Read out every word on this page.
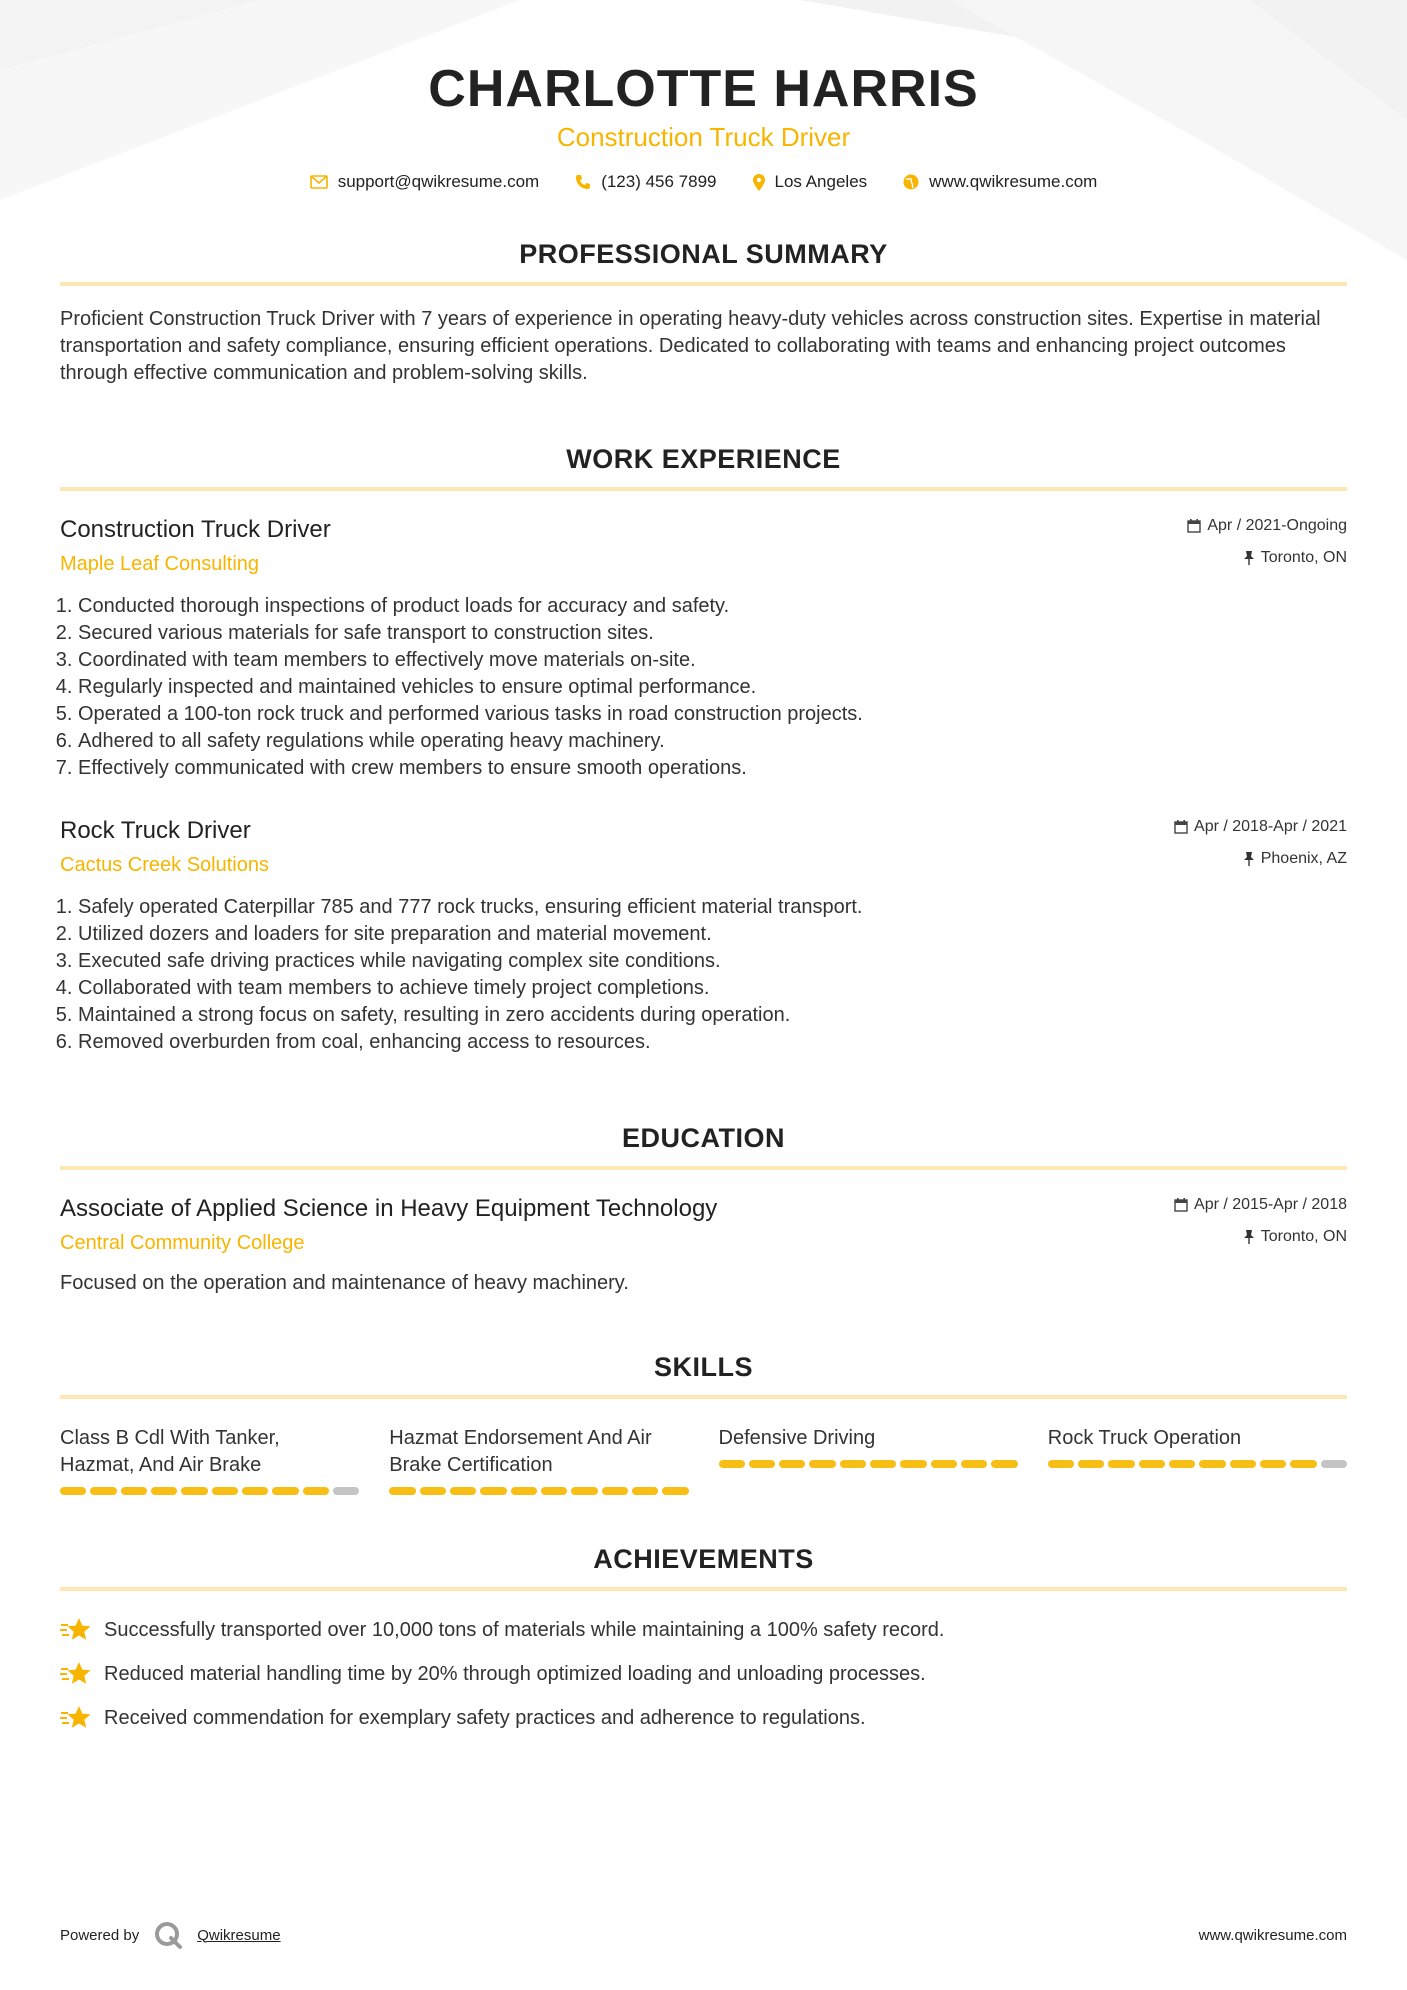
CHARLOTTE HARRIS
Construction Truck Driver
support@qwikresume.com	(123) 456 7899	Los Angeles	www.qwikresume.com
PROFESSIONAL SUMMARY
Proficient Construction Truck Driver with 7 years of experience in operating heavy-duty vehicles across construction sites. Expertise in material transportation and safety compliance, ensuring efficient operations. Dedicated to collaborating with teams and enhancing project outcomes through effective communication and problem-solving skills.
WORK EXPERIENCE
Construction Truck Driver
Maple Leaf Consulting
Apr / 2021-Ongoing
Toronto, ON
1. Conducted thorough inspections of product loads for accuracy and safety.
2. Secured various materials for safe transport to construction sites.
3. Coordinated with team members to effectively move materials on-site.
4. Regularly inspected and maintained vehicles to ensure optimal performance.
5. Operated a 100-ton rock truck and performed various tasks in road construction projects.
6. Adhered to all safety regulations while operating heavy machinery.
7. Effectively communicated with crew members to ensure smooth operations.
Rock Truck Driver
Cactus Creek Solutions
Apr / 2018-Apr / 2021
Phoenix, AZ
1. Safely operated Caterpillar 785 and 777 rock trucks, ensuring efficient material transport.
2. Utilized dozers and loaders for site preparation and material movement.
3. Executed safe driving practices while navigating complex site conditions.
4. Collaborated with team members to achieve timely project completions.
5. Maintained a strong focus on safety, resulting in zero accidents during operation.
6. Removed overburden from coal, enhancing access to resources.
EDUCATION
Associate of Applied Science in Heavy Equipment Technology
Central Community College
Apr / 2015-Apr / 2018
Toronto, ON
Focused on the operation and maintenance of heavy machinery.
SKILLS
Class B Cdl With Tanker, Hazmat, And Air Brake
Hazmat Endorsement And Air Brake Certification
Defensive Driving	Rock Truck Operation
ACHIEVEMENTS
Successfully transported over 10,000 tons of materials while maintaining a 100% safety record.
Reduced material handling time by 20% through optimized loading and unloading processes.
Received commendation for exemplary safety practices and adherence to regulations.
Powered by	Qwikresume	www.qwikresume.com
